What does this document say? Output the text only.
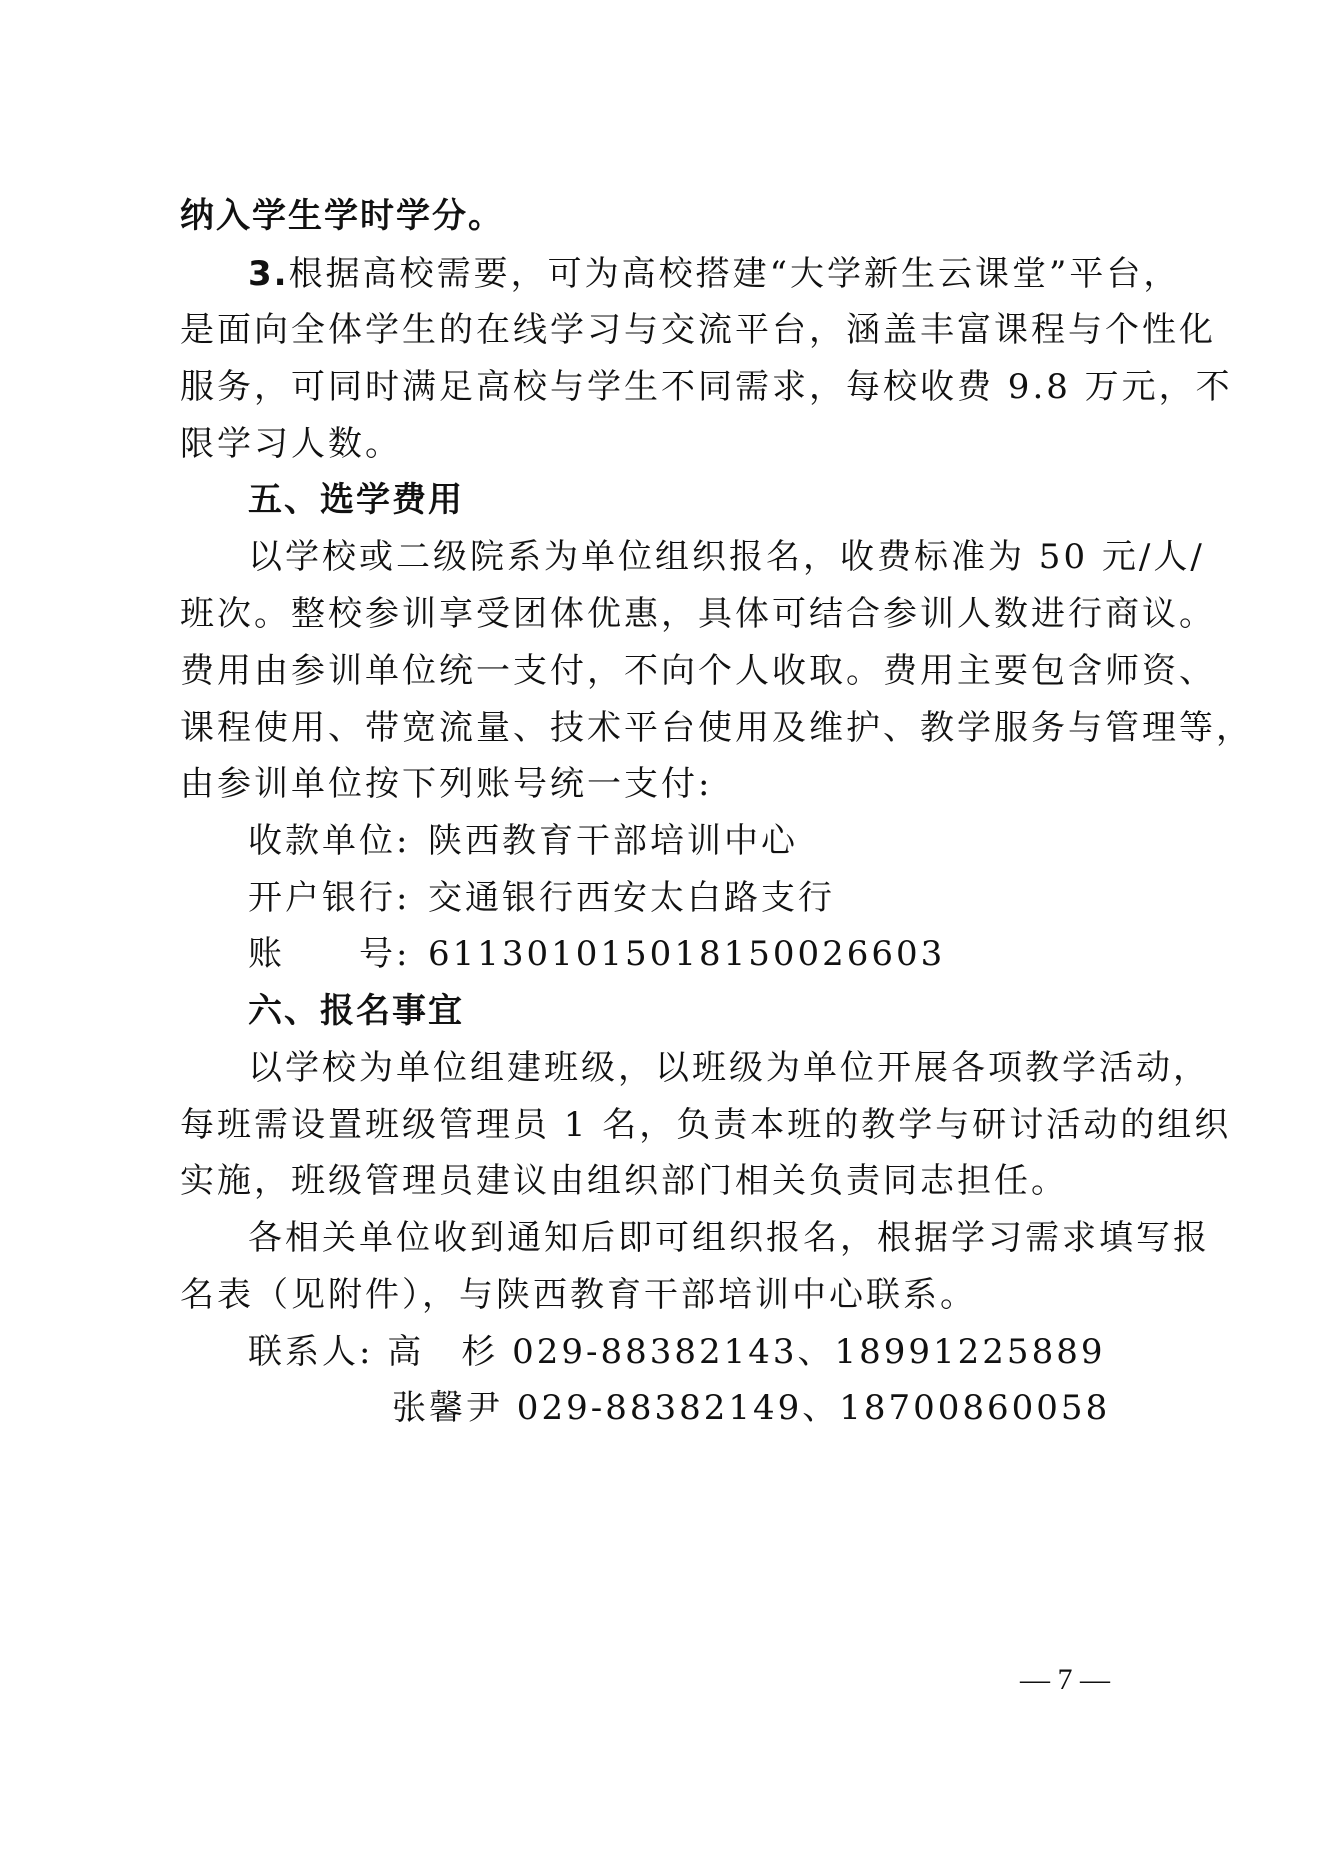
纳入学生学时学分。
3.根据高校需要，可为高校搭建“大学新生云课堂”平台，
是面向全体学生的在线学习与交流平台，涵盖丰富课程与个性化
服务，可同时满足高校与学生不同需求，每校收费 9.8 万元，不
限学习人数。
五、选学费用
以学校或二级院系为单位组织报名，收费标准为 50 元/人/
班次。整校参训享受团体优惠，具体可结合参训人数进行商议。
费用由参训单位统一支付，不向个人收取。费用主要包含师资、
课程使用、带宽流量、技术平台使用及维护、教学服务与管理等，
由参训单位按下列账号统一支付:
收款单位: 陕西教育干部培训中心
开户银行: 交通银行西安太白路支行
账　　号: 611301015018150026603
六、报名事宜
以学校为单位组建班级，以班级为单位开展各项教学活动，
每班需设置班级管理员 1 名，负责本班的教学与研讨活动的组织
实施，班级管理员建议由组织部门相关负责同志担任。
各相关单位收到通知后即可组织报名，根据学习需求填写报
名表（见附件），与陕西教育干部培训中心联系。
联系人: 高　杉 029-88382143、18991225889
张馨尹 029-88382149、18700860058
— 7 —
